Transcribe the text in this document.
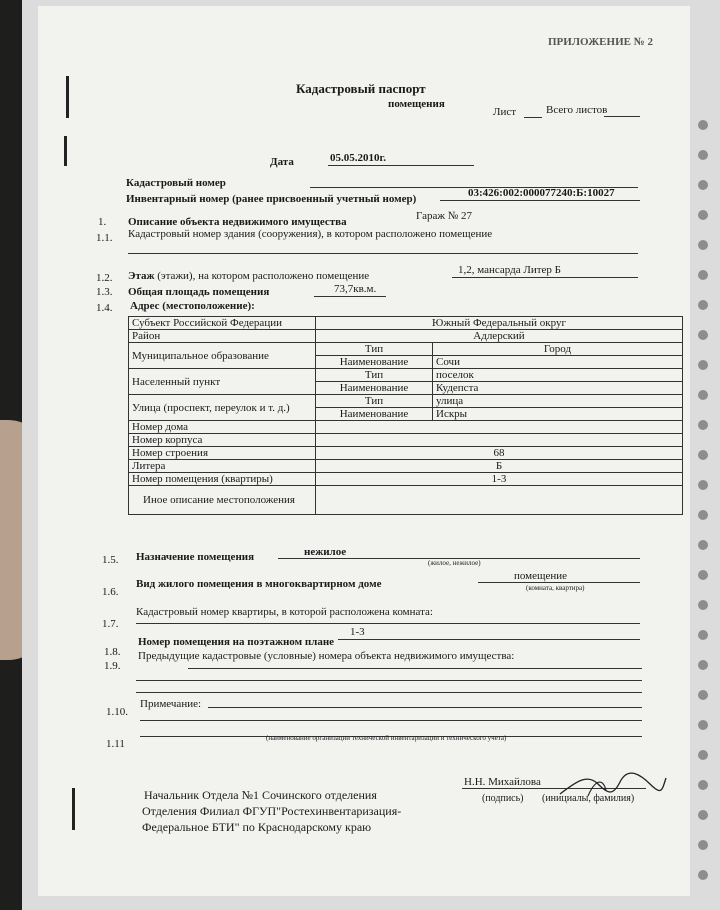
ПРИЛОЖЕНИЕ № 2
Кадастровый паспорт
помещения
Лист	Всего листов
Дата	05.05.2010г.
Кадастровый номер
Инвентарный номер (ранее присвоенный учетный номер)	03:426:002:000077240:Б:10027
1. Описание объекта недвижимого имущества	Гараж № 27
1.1. Кадастровый номер здания (сооружения), в котором расположено помещение
1.2. Этаж (этажи), на котором расположено помещение	1,2, мансарда Литер Б
1.3. Общая площадь помещения	73,7кв.м.
1.4. Адрес (местоположение):
Субъект Российской Федерации	Южный Федеральный округ	
Район	Адлерский	
Муниципальное образование	Тип	Город
	Наименование	Сочи
Населенный пункт	Тип	поселок
	Наименование	Кудепста
Улица (проспект, переулок и т. д.)	Тип	улица
	Наименование	Искры
Номер дома		
Номер корпуса		
Номер строения	68	
Литера	Б	
Номер помещения (квартиры)	1-3	
Иное описание местоположения		
1.5. Назначение помещения	нежилое
(жилое, нежилое)
1.6.
Вид жилого помещения в многоквартирном доме
помещение
(комната, квартира)
1.7.
Кадастровый номер квартиры, в которой расположена комната:
1.8.
Номер помещения на поэтажном плане
1-3
1.9.
Предыдущие кадастровые (условные) номера объекта недвижимого имущества:
1.10.
Примечание:
1.11	(наименование организации технической инвентаризации и технического учета)
Начальник Отдела №1 Сочинского отделения
Отделения Филиал ФГУП"Ростехинвентаризация-
Федеральное БТИ" по Краснодарскому краю
Н.Н. Михайлова
(подпись) (инициалы, фамилия)
